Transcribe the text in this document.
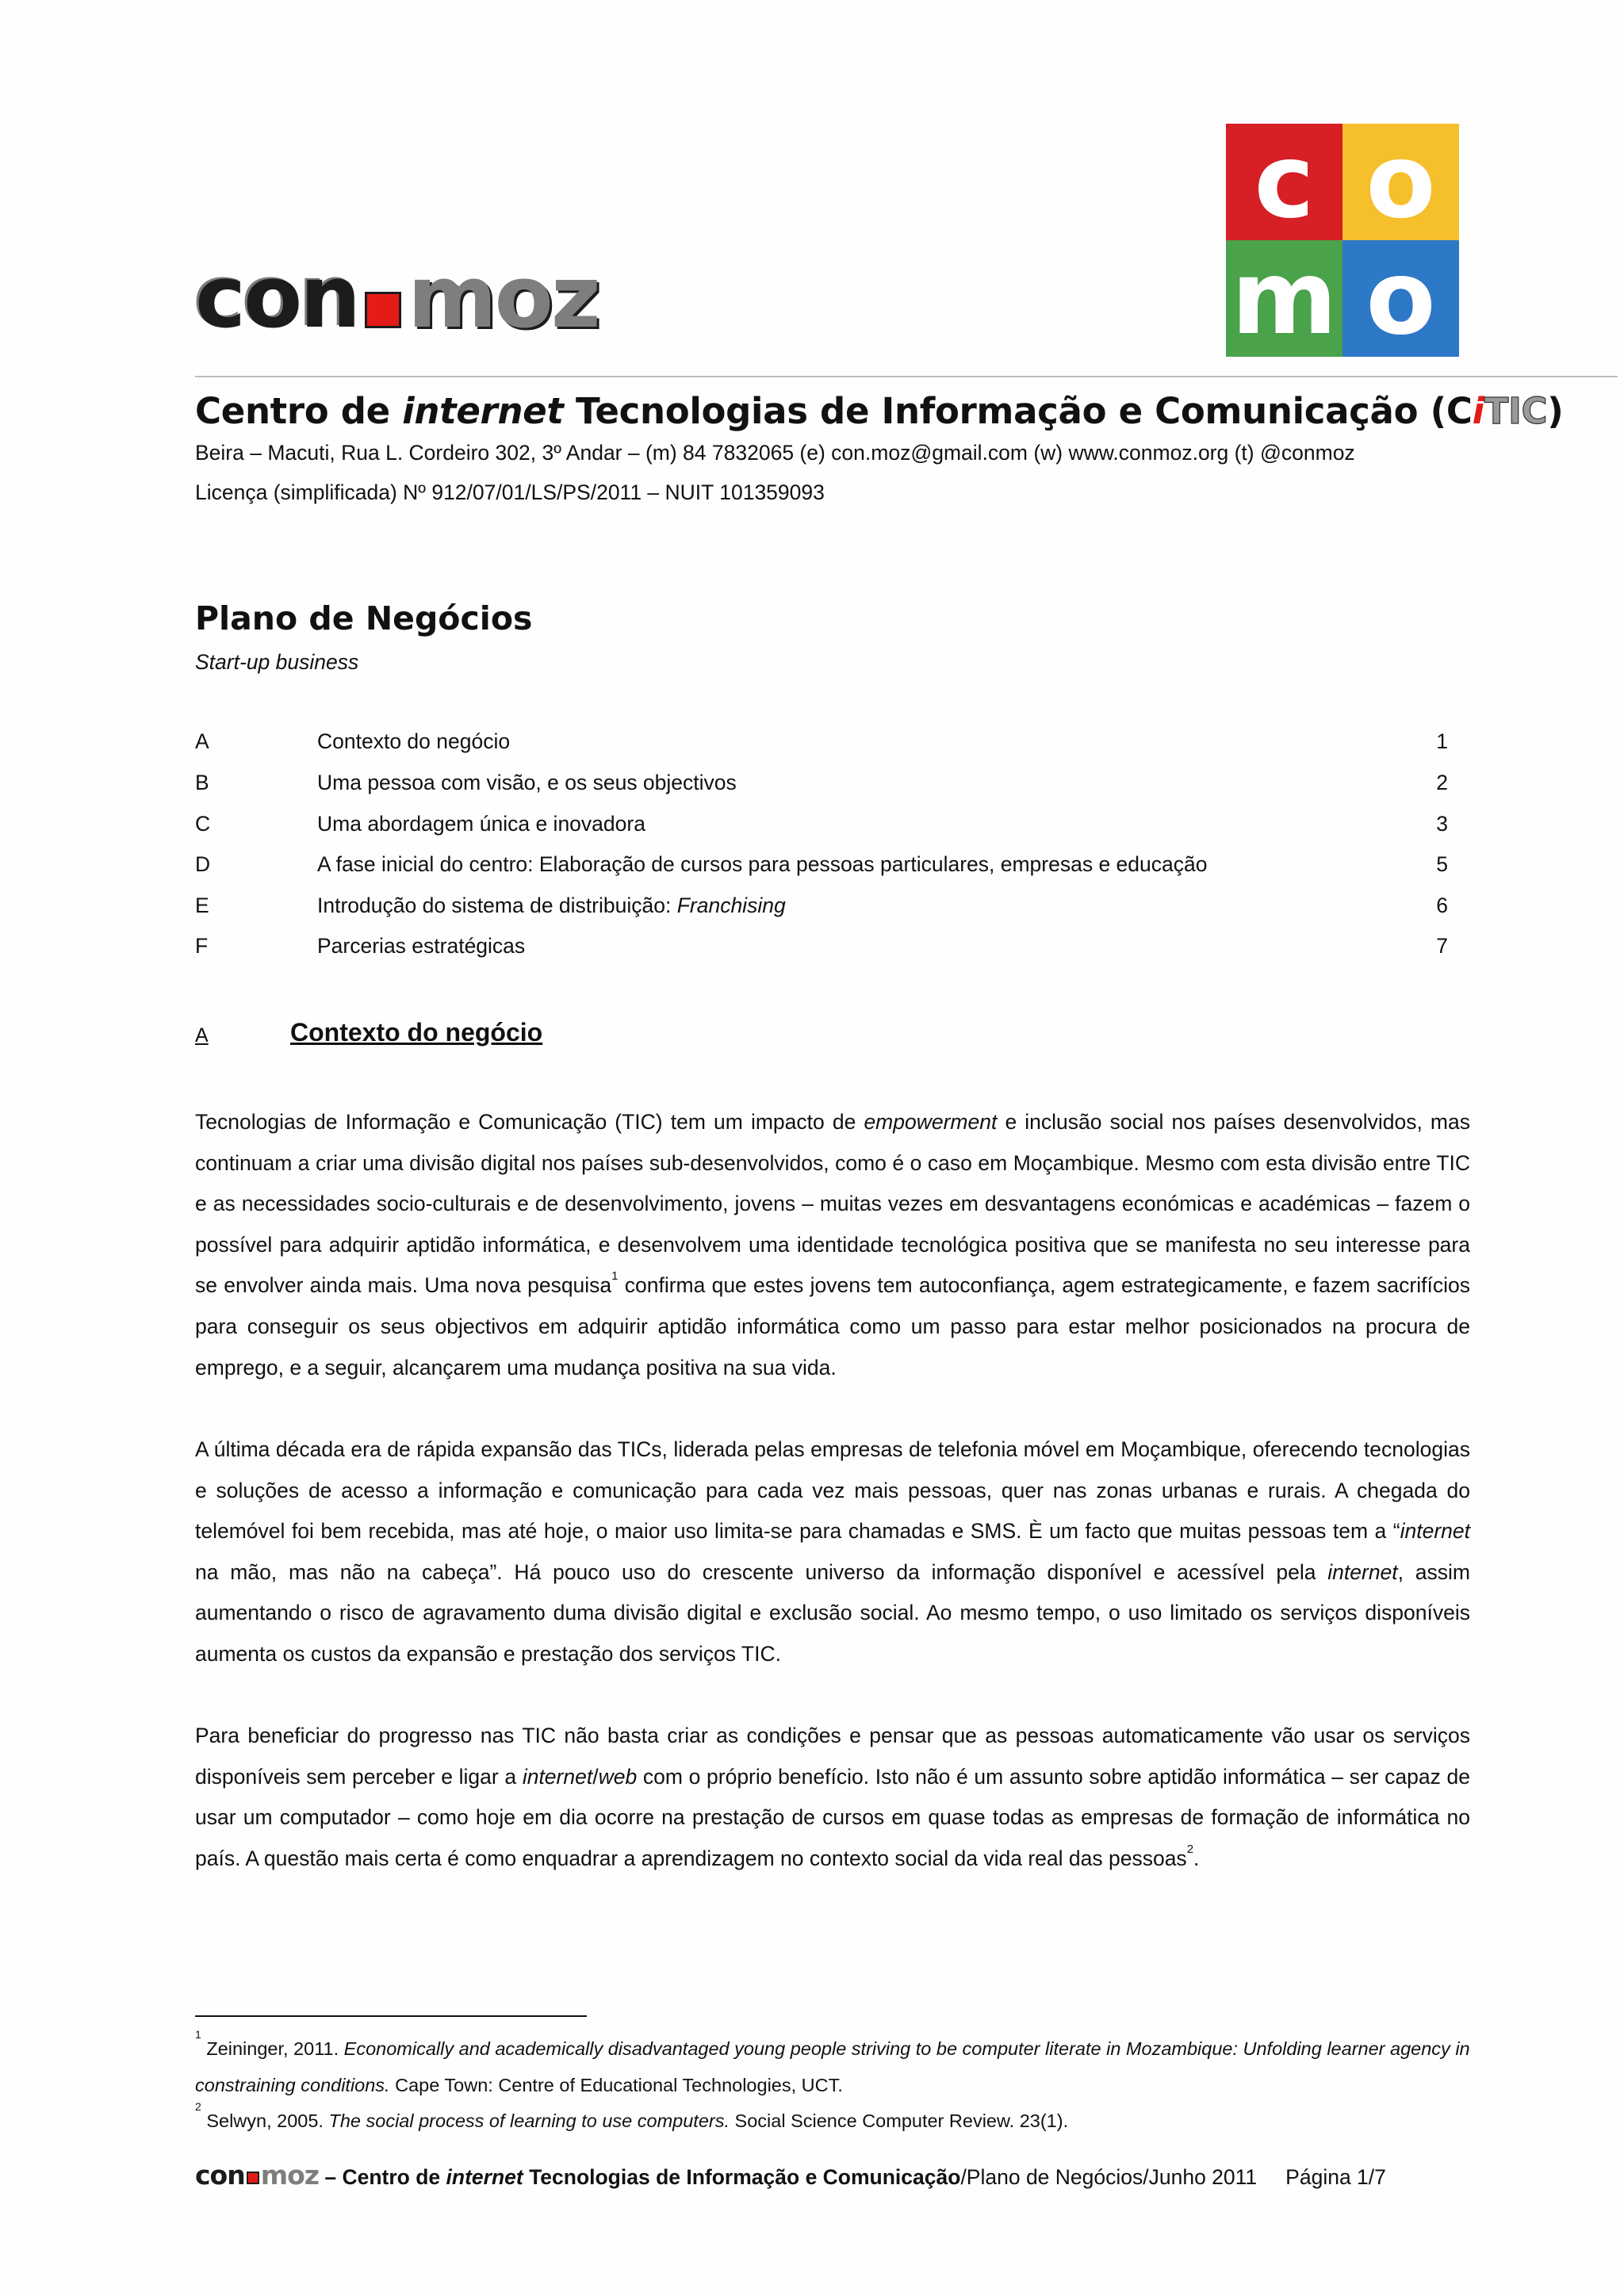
con moz
c o
m o
Centro de internet Tecnologias de Informação e Comunicação (CiTIC)
Beira – Macuti, Rua L. Cordeiro 302, 3º Andar – (m) 84 7832065 (e) con.moz@gmail.com (w) www.conmoz.org (t) @conmoz
Licença (simplificada) Nº 912/07/01/LS/PS/2011 – NUIT 101359093
Plano de Negócios
Start-up business
A	Contexto do negócio	1
B	Uma pessoa com visão, e os seus objectivos	2
C	Uma abordagem única e inovadora	3
D	A fase inicial do centro: Elaboração de cursos para pessoas particulares, empresas e educação	5
E	Introdução do sistema de distribuição: Franchising	6
F	Parcerias estratégicas	7
A	Contexto do negócio
Tecnologias de Informação e Comunicação (TIC) tem um impacto de empowerment e inclusão social nos países desenvolvidos, mas continuam a criar uma divisão digital nos países sub-desenvolvidos, como é o caso em Moçambique. Mesmo com esta divisão entre TIC e as necessidades socio-culturais e de desenvolvimento, jovens – muitas vezes em desvantagens económicas e académicas – fazem o possível para adquirir aptidão informática, e desenvolvem uma identidade tecnológica positiva que se manifesta no seu interesse para se envolver ainda mais. Uma nova pesquisa$^1$ confirma que estes jovens tem autoconfiança, agem estrategicamente, e fazem sacrifícios para conseguir os seus objectivos em adquirir aptidão informática como um passo para estar melhor posicionados na procura de emprego, e a seguir, alcançarem uma mudança positiva na sua vida.
A última década era de rápida expansão das TICs, liderada pelas empresas de telefonia móvel em Moçambique, oferecendo tecnologias e soluções de acesso a informação e comunicação para cada vez mais pessoas, quer nas zonas urbanas e rurais. A chegada do telemóvel foi bem recebida, mas até hoje, o maior uso limita-se para chamadas e SMS. È um facto que muitas pessoas tem a “internet na mão, mas não na cabeça”. Há pouco uso do crescente universo da informação disponível e acessível pela internet, assim aumentando o risco de agravamento duma divisão digital e exclusão social. Ao mesmo tempo, o uso limitado os serviços disponíveis aumenta os custos da expansão e prestação dos serviços TIC.
Para beneficiar do progresso nas TIC não basta criar as condições e pensar que as pessoas automaticamente vão usar os serviços disponíveis sem perceber e ligar a internet/web com o próprio benefício. Isto não é um assunto sobre aptidão informática – ser capaz de usar um computador – como hoje em dia ocorre na prestação de cursos em quase todas as empresas de formação de informática no país. A questão mais certa é como enquadrar a aprendizagem no contexto social da vida real das pessoas$^2$.
$^1$ Zeininger, 2011. Economically and academically disadvantaged young people striving to be computer literate in Mozambique: Unfolding learner agency in constraining conditions. Cape Town: Centre of Educational Technologies, UCT.
$^2$ Selwyn, 2005. The social process of learning to use computers. Social Science Computer Review. 23(1).
con moz – Centro de internet Tecnologias de Informação e Comunicação/Plano de Negócios/Junho 2011 Página 1/7
